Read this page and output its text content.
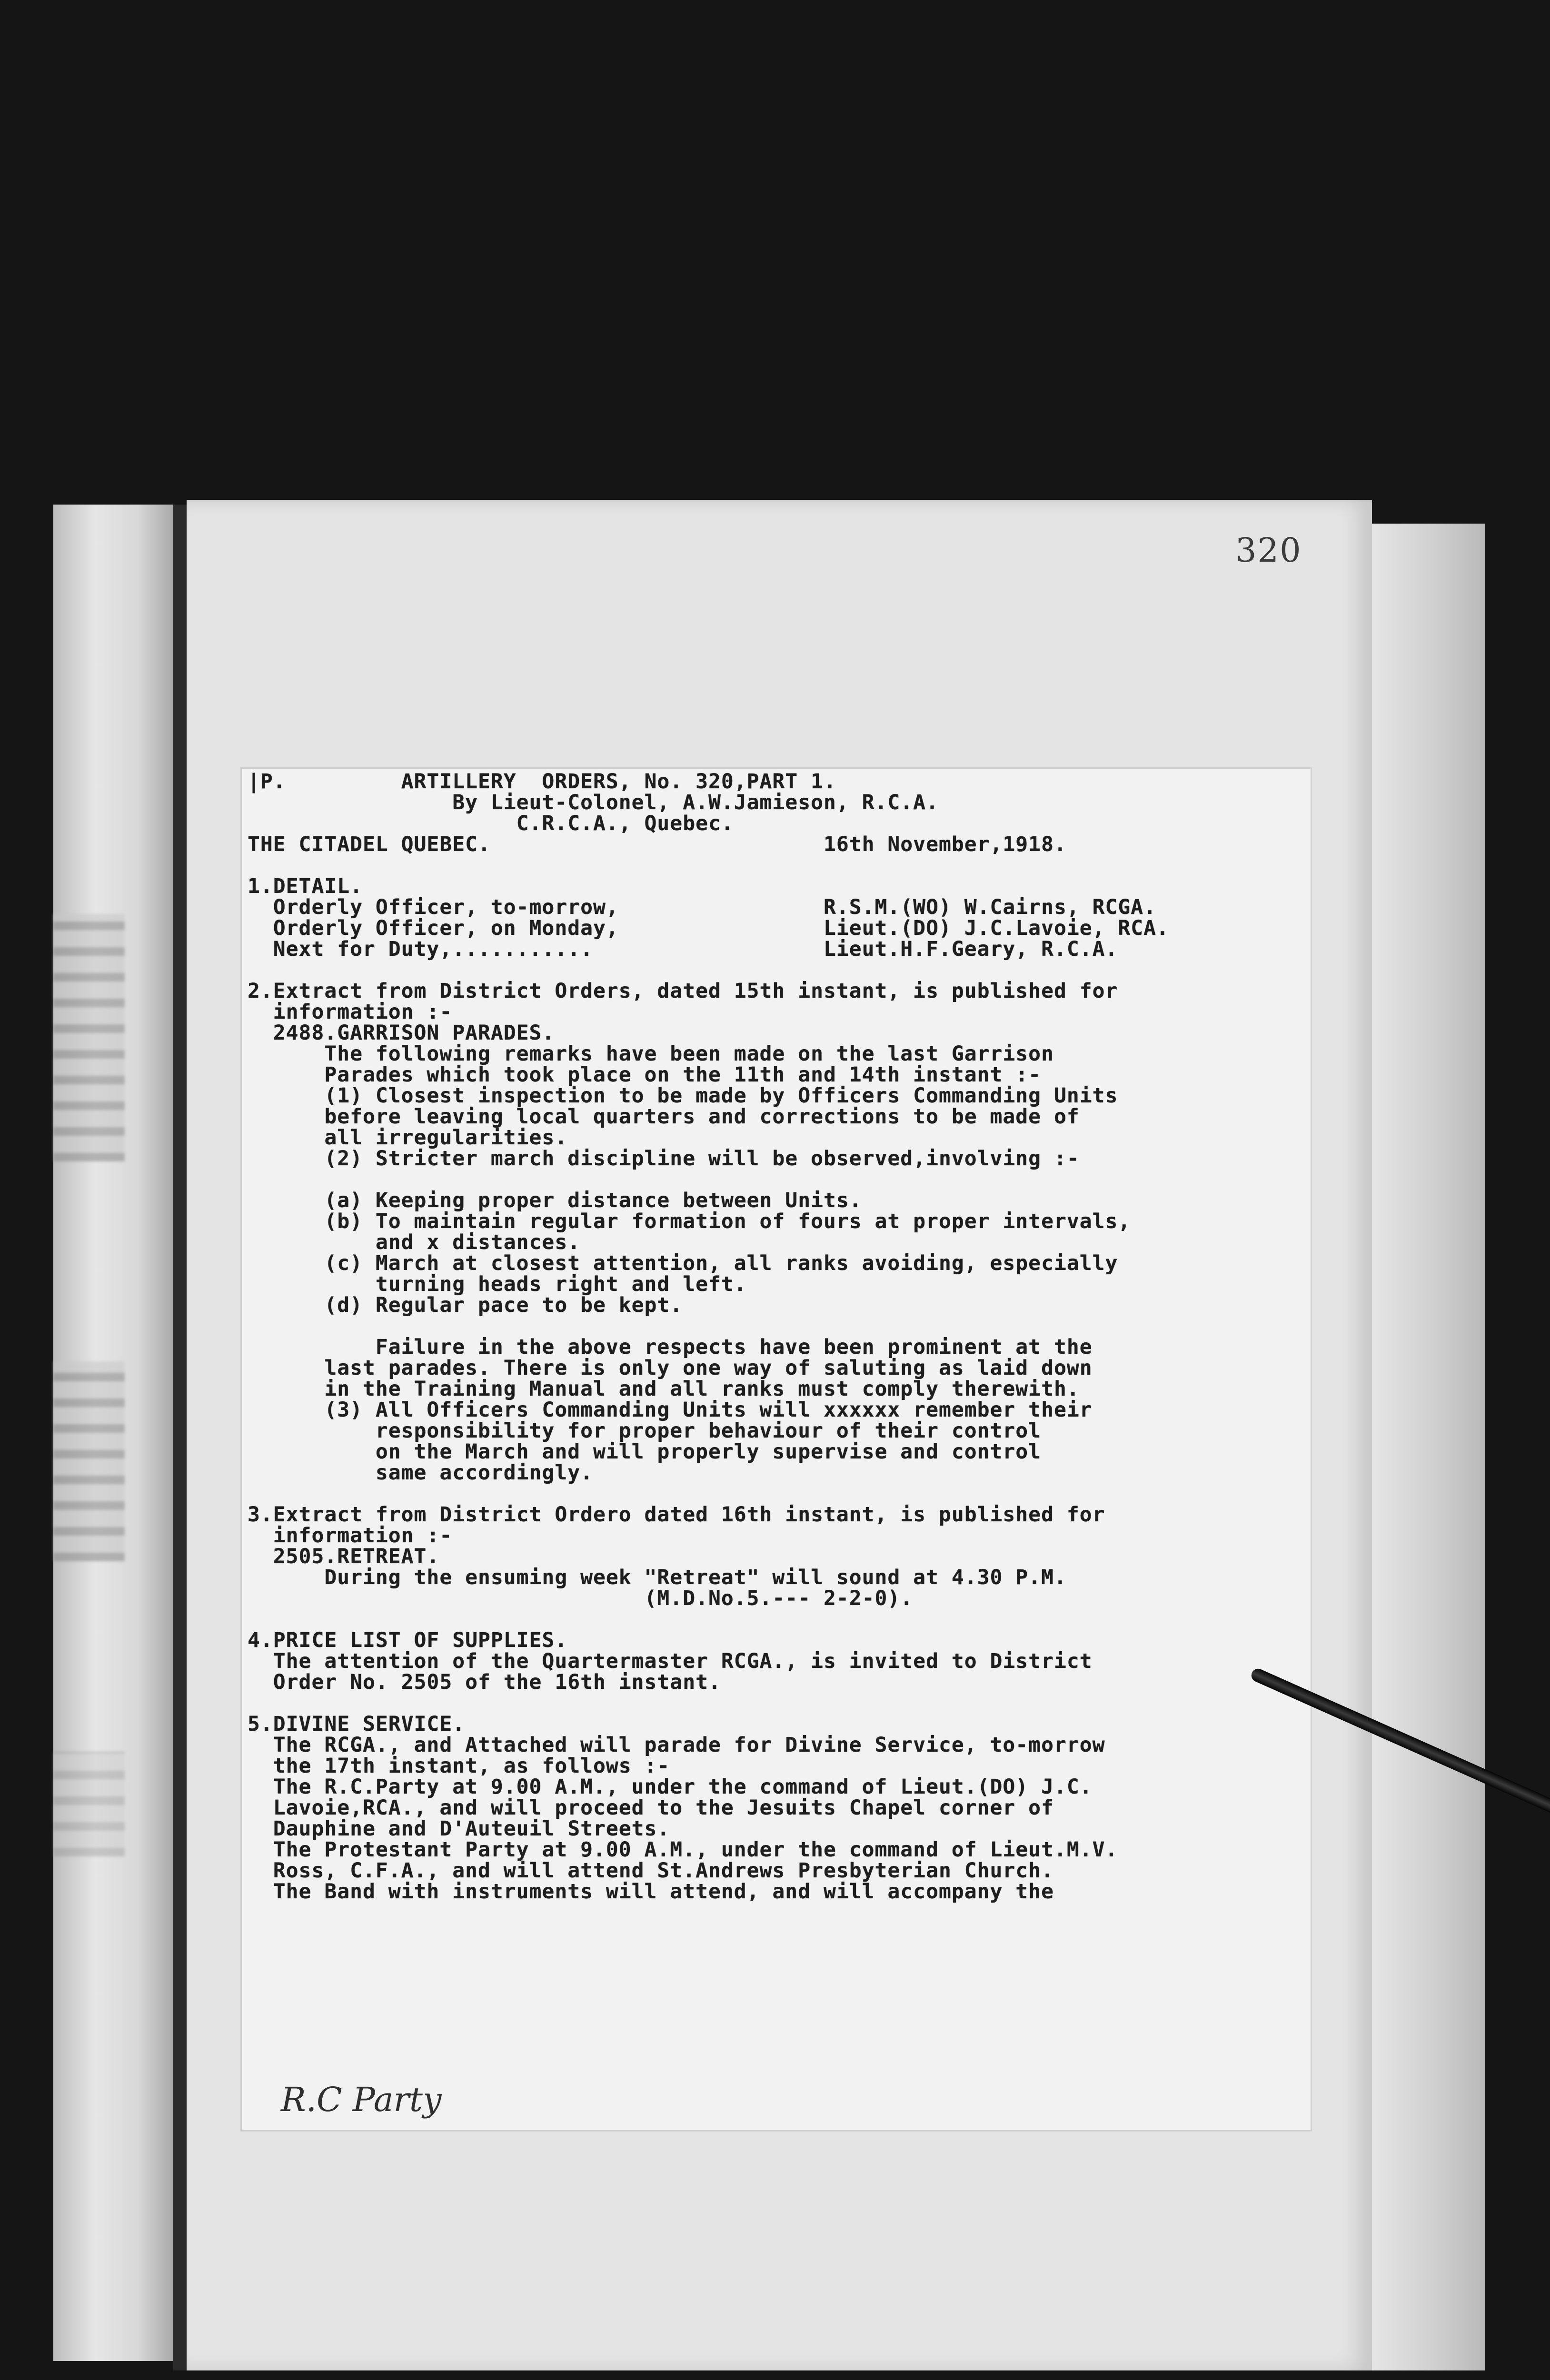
320
|P.         ARTILLERY  ORDERS, No. 320,PART 1.
By Lieut-Colonel, A.W.Jamieson, R.C.A.
C.R.C.A., Quebec.
THE CITADEL QUEBEC.                          16th November,1918.
1.DETAIL.
Orderly Officer, to-morrow,                R.S.M.(WO) W.Cairns, RCGA.
Orderly Officer, on Monday,                Lieut.(DO) J.C.Lavoie, RCA.
Next for Duty,...........                  Lieut.H.F.Geary, R.C.A.
2.Extract from District Orders, dated 15th instant, is published for
information :-
2488.GARRISON PARADES.
The following remarks have been made on the last Garrison
Parades which took place on the 11th and 14th instant :-
(1) Closest inspection to be made by Officers Commanding Units
before leaving local quarters and corrections to be made of
all irregularities.
(2) Stricter march discipline will be observed,involving :-
(a) Keeping proper distance between Units.
(b) To maintain regular formation of fours at proper intervals,
and x distances.
(c) March at closest attention, all ranks avoiding, especially
turning heads right and left.
(d) Regular pace to be kept.
Failure in the above respects have been prominent at the
last parades. There is only one way of saluting as laid down
in the Training Manual and all ranks must comply therewith.
(3) All Officers Commanding Units will xxxxxx remember their
responsibility for proper behaviour of their control
on the March and will properly supervise and control
same accordingly.
3.Extract from District Ordero dated 16th instant, is published for
information :-
2505.RETREAT.
During the ensuming week "Retreat" will sound at 4.30 P.M.
(M.D.No.5.--- 2-2-0).
4.PRICE LIST OF SUPPLIES.
The attention of the Quartermaster RCGA., is invited to District
Order No. 2505 of the 16th instant.
5.DIVINE SERVICE.
The RCGA., and Attached will parade for Divine Service, to-morrow
the 17th instant, as follows :-
The R.C.Party at 9.00 A.M., under the command of Lieut.(DO) J.C.
Lavoie,RCA., and will proceed to the Jesuits Chapel corner of
Dauphine and D'Auteuil Streets.
The Protestant Party at 9.00 A.M., under the command of Lieut.M.V.
Ross, C.F.A., and will attend St.Andrews Presbyterian Church.
The Band with instruments will attend, and will accompany the
R.C Party
